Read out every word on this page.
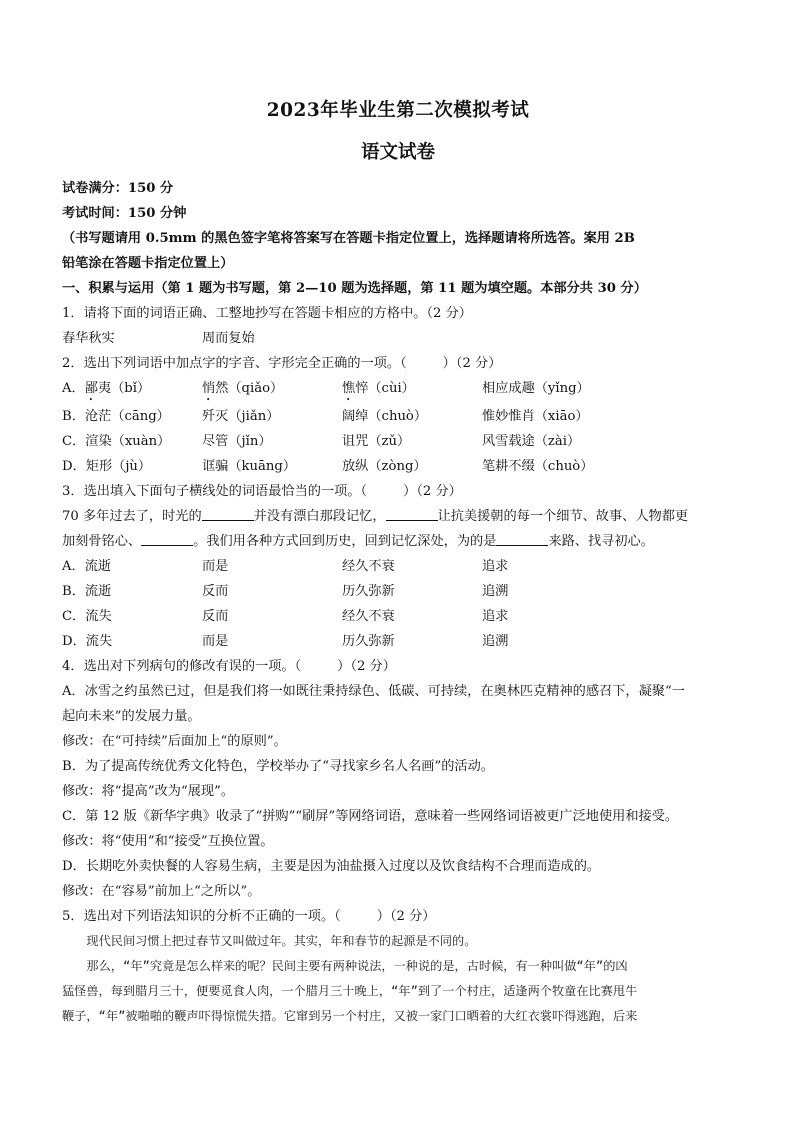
2023年毕业生第二次模拟考试
语文试卷
试卷满分：150 分
考试时间：150 分钟
（书写题请用 0.5mm 的黑色签字笔将答案写在答题卡指定位置上，选择题请将所选答。案用 2B
铅笔涂在答题卡指定位置上）
一、积累与运用（第 1 题为书写题，第 2—10 题为选择题，第 11 题为填空题。本部分共 30 分）
1．请将下面的词语正确、工整地抄写在答题卡相应的方格中。（2 分）
春华秋实	周而复始
2．选出下列词语中加点字的字音、字形完全正确的一项。（	）（2 分）
A．鄙夷（bǐ）	悄然（qiǎo）	憔悴（cùi）	相应成趣（yǐng）
B．沧茫（cāng）	歼灭（jiǎn）	阔绰（chuò）	惟妙惟肖（xiāo）
C．渲染（xuàn）	尽管（jǐn）	诅咒（zǔ）	风雪载途（zài）
D．矩形（jù）	诓骗（kuāng）	放纵（zòng）	笔耕不缀（chuò）
3．选出填入下面句子横线处的词语最恰当的一项。（	）（2 分）
70 多年过去了，时光的	并没有漂白那段记忆，	让抗美援朝的每一个细节、故事、人物都更
加刻骨铭心、	。我们用各种方式回到历史，回到记忆深处，为的是	来路、找寻初心。
A．流逝	而是	经久不衰	追求
B．流逝	反而	历久弥新	追溯
C．流失	反而	经久不衰	追求
D．流失	而是	历久弥新	追溯
4．选出对下列病句的修改有误的一项。（	）（2 分）
A．冰雪之约虽然已过，但是我们将一如既往秉持绿色、低碳、可持续，在奥林匹克精神的感召下，凝聚“一
起向未来”的发展力量。
修改：在“可持续”后面加上“的原则”。
B．为了提高传统优秀文化特色，学校举办了“寻找家乡名人名画”的活动。
修改：将“提高”改为“展现”。
C．第 12 版《新华字典》收录了“拼购”“刷屏”等网络词语，意味着一些网络词语被更广泛地使用和接受。
修改：将“使用”和“接受”互换位置。
D．长期吃外卖快餐的人容易生病，主要是因为油盐摄入过度以及饮食结构不合理而造成的。
修改：在“容易”前加上“之所以”。
5．选出对下列语法知识的分析不正确的一项。（	）（2 分）
现代民间习惯上把过春节又叫做过年。其实，年和春节的起源是不同的。
那么，“年”究竟是怎么样来的呢？民间主要有两种说法，一种说的是，古时候，有一种叫做“年”的凶
猛怪兽，每到腊月三十，便要觅食人肉，一个腊月三十晚上，“年”到了一个村庄，适逢两个牧童在比赛甩牛
鞭子，“年”被啪啪的鞭声吓得惊慌失措。它窜到另一个村庄，又被一家门口晒着的大红衣裳吓得逃跑，后来
